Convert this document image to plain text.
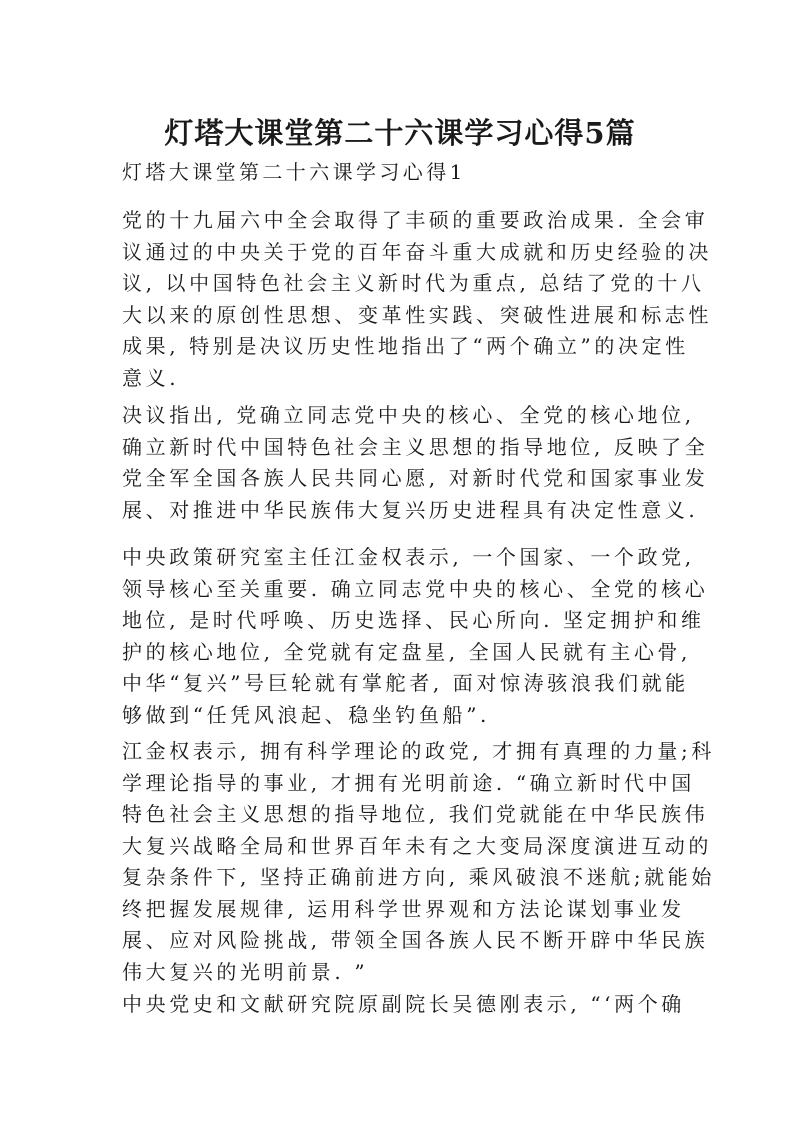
灯塔大课堂第二十六课学习心得5篇

灯塔大课堂第二十六课学习心得1

党的十九届六中全会取得了丰硕的重要政治成果. 全会审
议通过的中央关于党的百年奋斗重大成就和历史经验的决
议, 以中国特色社会主义新时代为重点, 总结了党的十八
大以来的原创性思想、变革性实践、突破性进展和标志性
成果, 特别是决议历史性地指出了“两个确立”的决定性
意义.
决议指出, 党确立同志党中央的核心、全党的核心地位,
确立新时代中国特色社会主义思想的指导地位, 反映了全
党全军全国各族人民共同心愿, 对新时代党和国家事业发
展、对推进中华民族伟大复兴历史进程具有决定性意义.
中央政策研究室主任江金权表示, 一个国家、一个政党,
领导核心至关重要. 确立同志党中央的核心、全党的核心
地位, 是时代呼唤、历史选择、民心所向. 坚定拥护和维
护的核心地位, 全党就有定盘星, 全国人民就有主心骨,
中华“复兴”号巨轮就有掌舵者, 面对惊涛骇浪我们就能
够做到“任凭风浪起、稳坐钓鱼船”.
江金权表示, 拥有科学理论的政党, 才拥有真理的力量;科
学理论指导的事业, 才拥有光明前途. “确立新时代中国
特色社会主义思想的指导地位, 我们党就能在中华民族伟
大复兴战略全局和世界百年未有之大变局深度演进互动的
复杂条件下, 坚持正确前进方向, 乘风破浪不迷航;就能始
终把握发展规律, 运用科学世界观和方法论谋划事业发
展、应对风险挑战, 带领全国各族人民不断开辟中华民族
伟大复兴的光明前景. ”
中央党史和文献研究院原副院长吴德刚表示, “‘两个确
